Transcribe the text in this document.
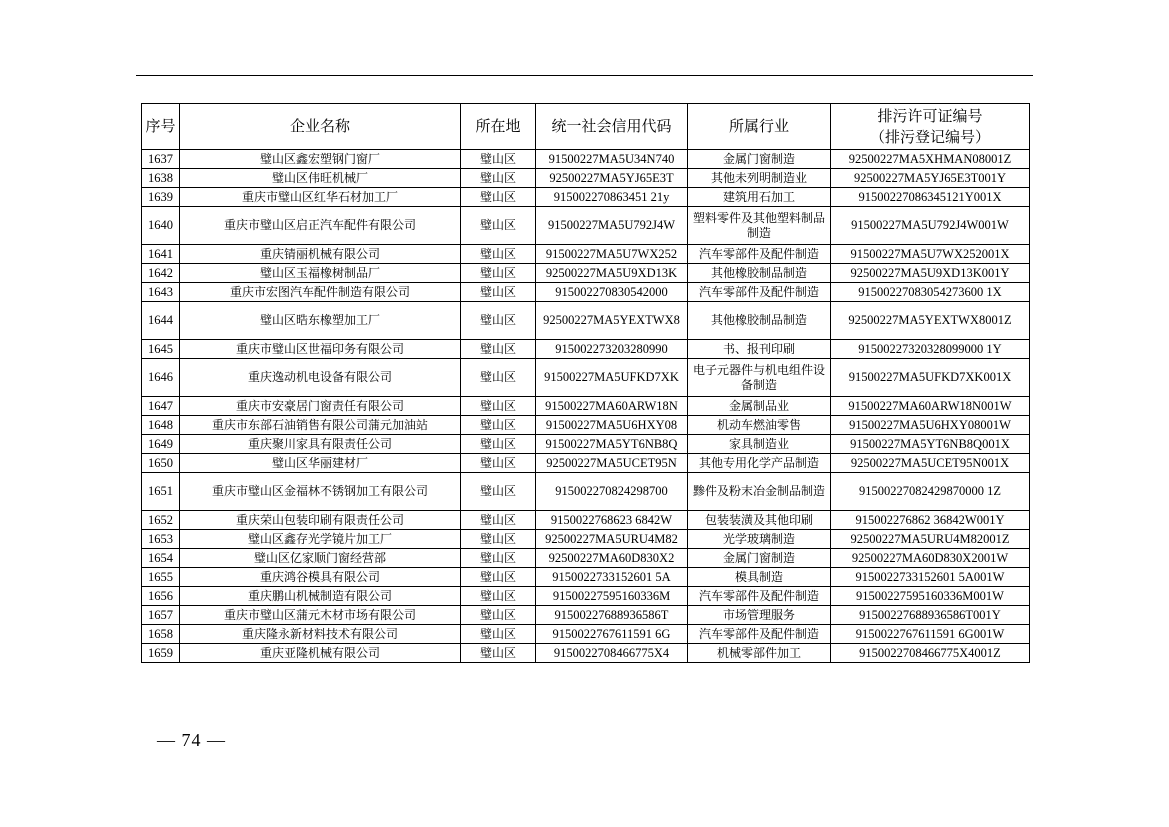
序号	企业名称	所在地	统一社会信用代码	所属行业	排污许可证编号
（排污登记编号）

1637	璧山区鑫宏塑钢门窗厂	璧山区	91500227MA5U34N740	金属门窗制造	92500227MA5XHMAN08001Z
1638	璧山区伟旺机械厂	璧山区	92500227MA5YJ65E3T	其他未列明制造业	92500227MA5YJ65E3T001Y
1639	重庆市璧山区红华石材加工厂	璧山区	915002270863451 21y	建筑用石加工	91500227086345121Y001X
1640	重庆市璧山区启正汽车配件有限公司	璧山区	91500227MA5U792J4W	塑料零件及其他塑料制品制造	91500227MA5U792J4W001W
1641	重庆锖丽机械有限公司	璧山区	91500227MA5U7WX252	汽车零部件及配件制造	91500227MA5U7WX252001X
1642	璧山区玉福橡树制品厂	璧山区	92500227MA5U9XD13K	其他橡胶制品制造	92500227MA5U9XD13K001Y
1643	重庆市宏图汽车配件制造有限公司	璧山区	915002270830542000	汽车零部件及配件制造	91500227083054273600 1X
1644	璧山区晧东橡塑加工厂	璧山区	92500227MA5YEXTWX8	其他橡胶制品制造	92500227MA5YEXTWX8001Z
1645	重庆市璧山区世福印务有限公司	璧山区	915002273203280990	书、报刊印刷	91500227320328099000 1Y
1646	重庆逸动机电设备有限公司	璧山区	91500227MA5UFKD7XK	电子元器件与机电组件设备制造	91500227MA5UFKD7XK001X
1647	重庆市安豪居门窗责任有限公司	璧山区	91500227MA60ARW18N	金属制品业	91500227MA60ARW18N001W
1648	重庆市东部石油销售有限公司蒲元加油站	璧山区	91500227MA5U6HXY08	机动车燃油零售	91500227MA5U6HXY08001W
1649	重庆聚川家具有限责任公司	璧山区	91500227MA5YT6NB8Q	家具制造业	91500227MA5YT6NB8Q001X
1650	璧山区华丽建材厂	璧山区	92500227MA5UCET95N	其他专用化学产品制造	92500227MA5UCET95N001X
1651	重庆市璧山区金福林不锈钢加工有限公司	璧山区	915002270824298700	黪件及粉末冶金制品制造	91500227082429870000 1Z
1652	重庆荣山包装印刷有限责任公司	璧山区	9150022768623 6842W	包装装潢及其他印刷	915002276862 36842W001Y
1653	璧山区鑫存光学镜片加工厂	璧山区	92500227MA5URU4M82	光学玻璃制造	92500227MA5URU4M82001Z
1654	璧山区亿家顺门窗经营部	璧山区	92500227MA60D830X2	金属门窗制造	92500227MA60D830X2001W
1655	重庆鸿谷模具有限公司	璧山区	9150022733152601 5A	模具制造	9150022733152601 5A001W
1656	重庆鹏山机械制造有限公司	璧山区	91500227595160336M	汽车零部件及配件制造	91500227595160336M001W
1657	重庆市璧山区蒲元木材市场有限公司	璧山区	91500227688936586T	市场管理服务	91500227688936586T001Y
1658	重庆隆永新材料技术有限公司	璧山区	9150022767611591 6G	汽车零部件及配件制造	9150022767611591 6G001W
1659	重庆亚隆机械有限公司	璧山区	9150022708466775X4	机械零部件加工	9150022708466775X4001Z
— 74 —
